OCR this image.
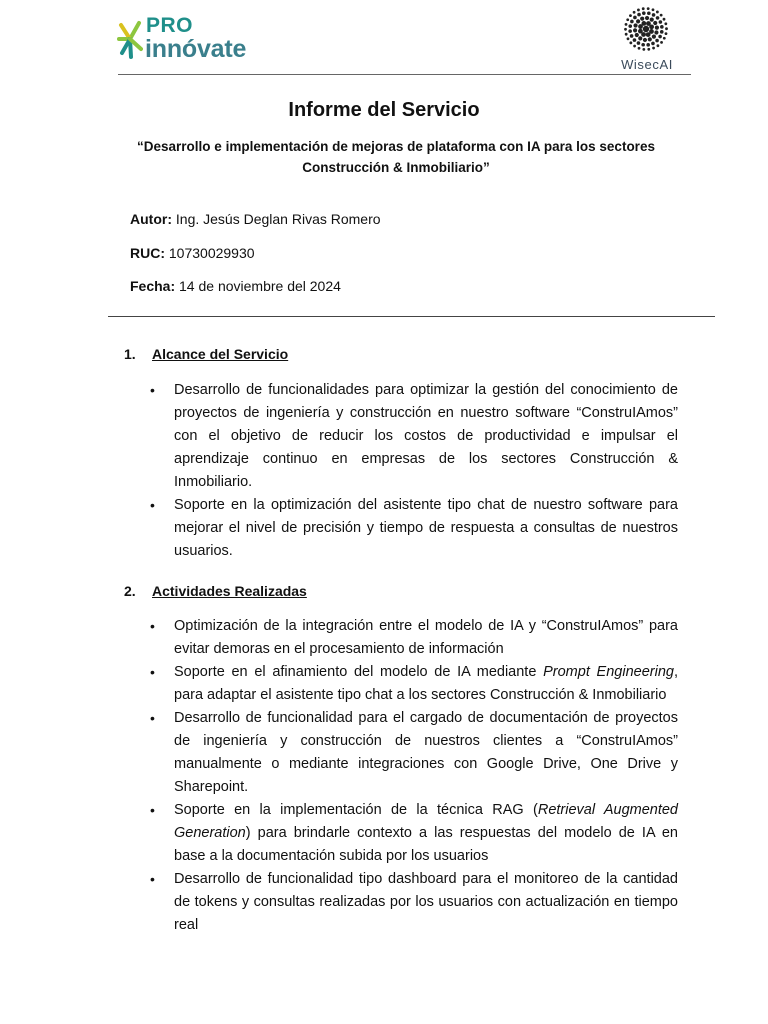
PRO
innóvate
WisecAI
Informe del Servicio
“Desarrollo e implementación de mejoras de plataforma con IA para los sectores Construcción & Inmobiliario”
Autor: Ing. Jesús Deglan Rivas Romero
RUC: 10730029930
Fecha: 14 de noviembre del 2024
1. Alcance del Servicio
• Desarrollo de funcionalidades para optimizar la gestión del conocimiento de proyectos de ingeniería y construcción en nuestro software “ConstruIAmos” con el objetivo de reducir los costos de productividad e impulsar el aprendizaje continuo en empresas de los sectores Construcción & Inmobiliario.
• Soporte en la optimización del asistente tipo chat de nuestro software para mejorar el nivel de precisión y tiempo de respuesta a consultas de nuestros usuarios.
2. Actividades Realizadas
• Optimización de la integración entre el modelo de IA y “ConstruIAmos” para evitar demoras en el procesamiento de información
• Soporte en el afinamiento del modelo de IA mediante Prompt Engineering, para adaptar el asistente tipo chat a los sectores Construcción & Inmobiliario
• Desarrollo de funcionalidad para el cargado de documentación de proyectos de ingeniería y construcción de nuestros clientes a “ConstruIAmos” manualmente o mediante integraciones con Google Drive, One Drive y Sharepoint.
• Soporte en la implementación de la técnica RAG (Retrieval Augmented Generation) para brindarle contexto a las respuestas del modelo de IA en base a la documentación subida por los usuarios
• Desarrollo de funcionalidad tipo dashboard para el monitoreo de la cantidad de tokens y consultas realizadas por los usuarios con actualización en tiempo real
